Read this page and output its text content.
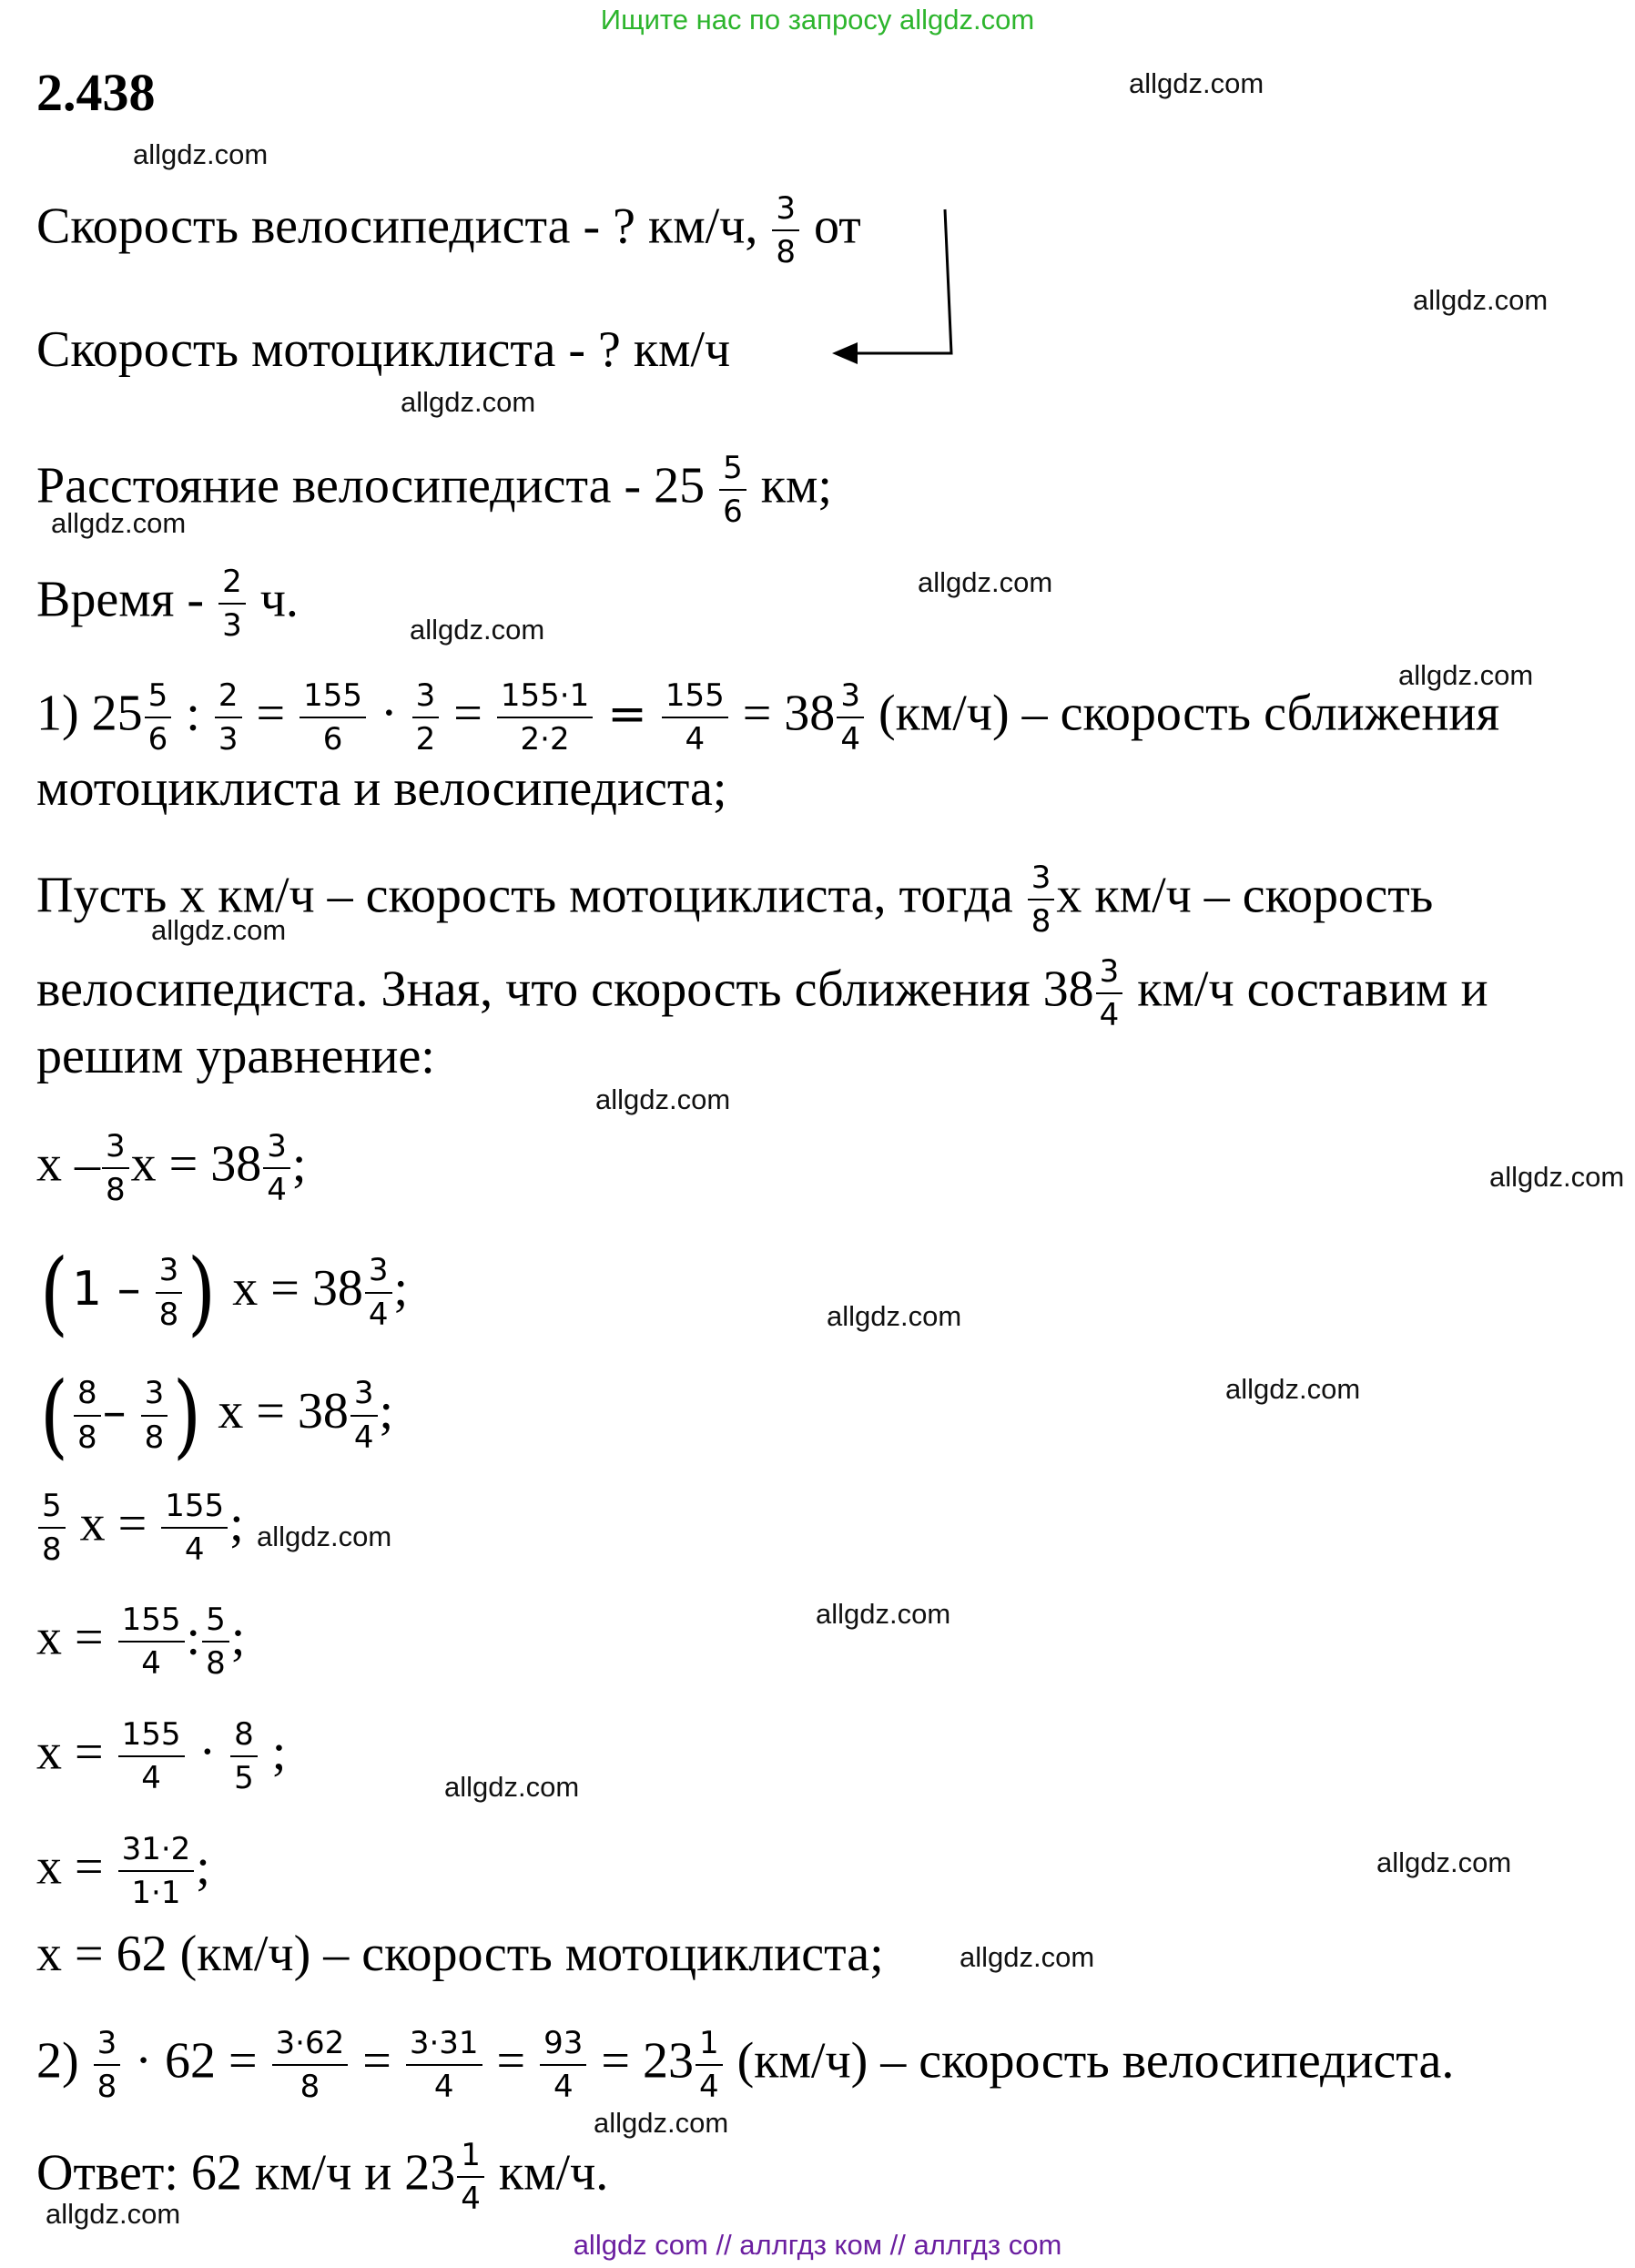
Ищите нас по запросу allgdz.com
2.438
Скорость велосипедиста - ? км/ч, $\frac{3}{8}$ от
Скорость мотоциклиста - ? км/ч
Расстояние велосипедиста - $25 \frac{5}{6}$ км;
Время - $\frac{2}{3} ч$.
1) $25 \frac{5}{6}$ : $\frac{2}{3} = \frac{155}{6} \cdot \frac{3}{2} = \frac{155\cdot 1}{2\cdot 2} = \frac{155}{4} = 38 \frac{3}{4} (км/ч)$ – скорость сближения
мотоциклиста и велосипедиста;
Пусть x км/ч – скорость мотоциклиста, тогда $\frac{3}{8}$ x км/ч – скорость
велосипедиста. Зная, что скорость сближения $38 \frac{3}{4} км/ч$ составим и
решим уравнение:
x – $\frac{3}{8}$ $x = 38 \frac{3}{4}$ ;
($1 - \frac{3}{8}$ ) $x = 38 \frac{3}{4}$ ;
( $\frac{8}{8} - \frac{3}{8}$ ) $x = 38 \frac{3}{4}$ ;
$\frac{5}{8}$ $x = \frac{155}{4}$ ;
$x = \frac{155}{4}$ : $\frac{5}{8}$ ;
$x = \frac{155}{4} \cdot \frac{8}{5}$ ;
$x = \frac{31\cdot 2}{1\cdot 1}$ ;
x = 62 (км/ч) – скорость мотоциклиста;
$2) \frac{3}{8} \cdot 62 = \frac{3\cdot 62}{8} = \frac{3\cdot 31}{4} = \frac{93}{4} = 23 \frac{1}{4} (км/ч)$ – скорость велосипедиста.
Ответ: 62 км/ч и $23 \frac{1}{4} км/ч$.
allgdz.com
allgdz.com
allgdz.com
allgdz.com
allgdz.com
allgdz.com
allgdz.com
allgdz.com
allgdz.com
allgdz.com
allgdz.com
allgdz.com
allgdz.com
allgdz.com
allgdz.com
allgdz.com
allgdz.com
allgdz.com
allgdz.com
allgdz.com
allgdz com // аллгдз ком // аллгдз com
